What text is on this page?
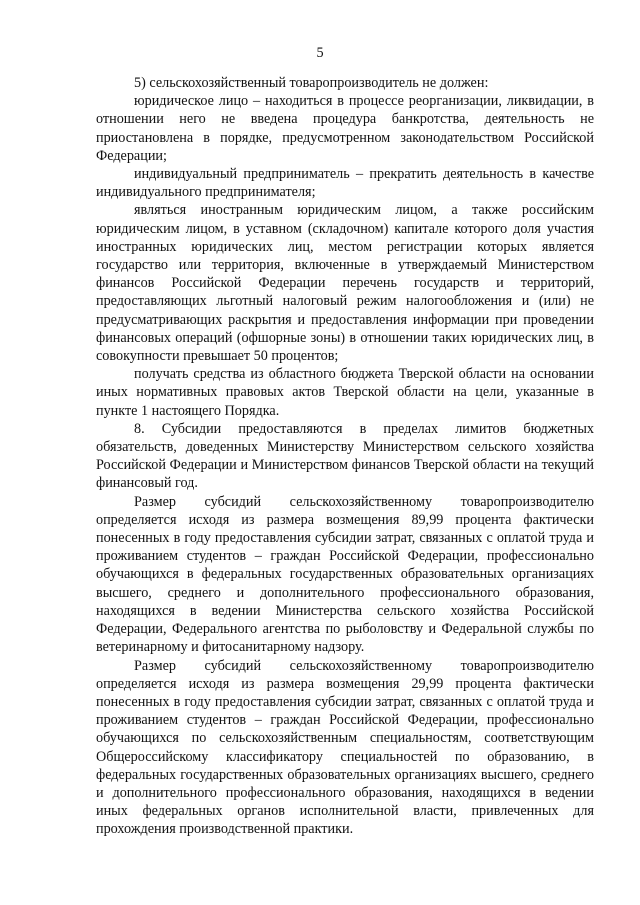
5

5) сельскохозяйственный товаропроизводитель не должен:

юридическое лицо – находиться в процессе реорганизации, ликвидации, в отношении него не введена процедура банкротства, деятельность не приостановлена в порядке, предусмотренном законодательством Российской Федерации;

индивидуальный предприниматель – прекратить деятельность в качестве индивидуального предпринимателя;

являться иностранным юридическим лицом, а также российским юридическим лицом, в уставном (складочном) капитале которого доля участия иностранных юридических лиц, местом регистрации которых является государство или территория, включенные в утверждаемый Министерством финансов Российской Федерации перечень государств и территорий, предоставляющих льготный налоговый режим налогообложения и (или) не предусматривающих раскрытия и предоставления информации при проведении финансовых операций (офшорные зоны) в отношении таких юридических лиц, в совокупности превышает 50 процентов;

получать средства из областного бюджета Тверской области на основании иных нормативных правовых актов Тверской области на цели, указанные в пункте 1 настоящего Порядка.

8. Субсидии предоставляются в пределах лимитов бюджетных обязательств, доведенных Министерству Министерством сельского хозяйства Российской Федерации и Министерством финансов Тверской области на текущий финансовый год.

Размер субсидий сельскохозяйственному товаропроизводителю определяется исходя из размера возмещения 89,99 процента фактически понесенных в году предоставления субсидии затрат, связанных с оплатой труда и проживанием студентов – граждан Российской Федерации, профессионально обучающихся в федеральных государственных образовательных организациях высшего, среднего и дополнительного профессионального образования, находящихся в ведении Министерства сельского хозяйства Российской Федерации, Федерального агентства по рыболовству и Федеральной службы по ветеринарному и фитосанитарному надзору.

Размер субсидий сельскохозяйственному товаропроизводителю определяется исходя из размера возмещения 29,99 процента фактически понесенных в году предоставления субсидии затрат, связанных с оплатой труда и проживанием студентов – граждан Российской Федерации, профессионально обучающихся по сельскохозяйственным специальностям, соответствующим Общероссийскому классификатору специальностей по образованию, в федеральных государственных образовательных организациях высшего, среднего и дополнительного профессионального образования, находящихся в ведении иных федеральных органов исполнительной власти, привлеченных для прохождения производственной практики.
